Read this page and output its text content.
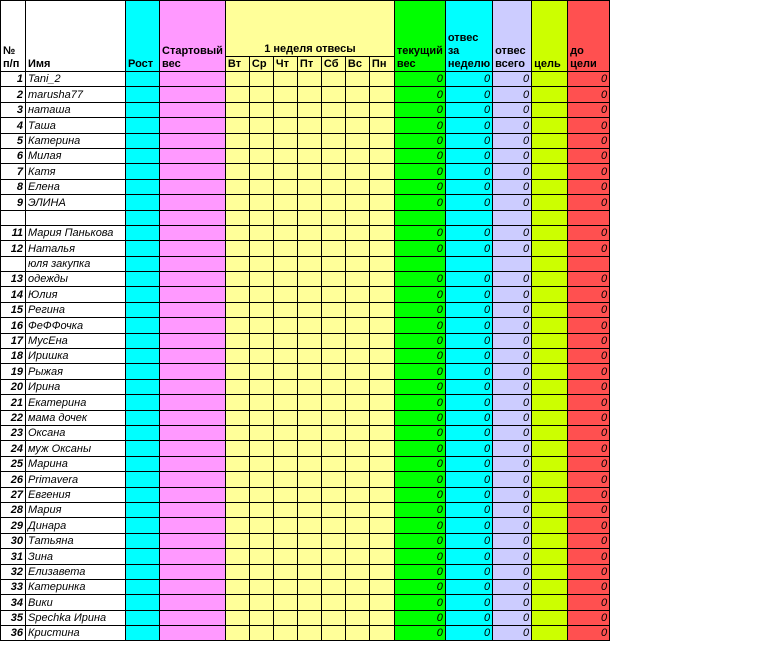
№ п/п	Имя	Рост	Стартовый вес	1 неделя отвесы							текущий вес	отвес за неделю	отвес всего	цель	до цели
				Вт	Ср	Чт	Пт	Сб	Вс	Пн					
1	Tani_2										0	0	0		0
2	marusha77										0	0	0		0
3	наташа										0	0	0		0
4	Таша										0	0	0		0
5	Катерина										0	0	0		0
6	Милая										0	0	0		0
7	Катя										0	0	0		0
8	Елена										0	0	0		0
9	ЭЛИНА										0	0	0		0

11	Мария Панькова										0	0	0		0
12	Наталья										0	0	0		0
	юля закупка														
13	одежды										0	0	0		0
14	Юлия										0	0	0		0
15	Регина										0	0	0		0
16	ФеФФочка										0	0	0		0
17	МусЕна										0	0	0		0
18	Иришка										0	0	0		0
19	Рыжая										0	0	0		0
20	Ирина										0	0	0		0
21	Екатерина										0	0	0		0
22	мама дочек										0	0	0		0
23	Оксана										0	0	0		0
24	муж Оксаны										0	0	0		0
25	Марина										0	0	0		0
26	Primavera										0	0	0		0
27	Евгения										0	0	0		0
28	Мария										0	0	0		0
29	Динара										0	0	0		0
30	Татьяна										0	0	0		0
31	Зина										0	0	0		0
32	Елизавета										0	0	0		0
33	Катеринка										0	0	0		0
34	Вики										0	0	0		0
35	Spechka Ирина										0	0	0		0
36	Кристина										0	0	0		0
